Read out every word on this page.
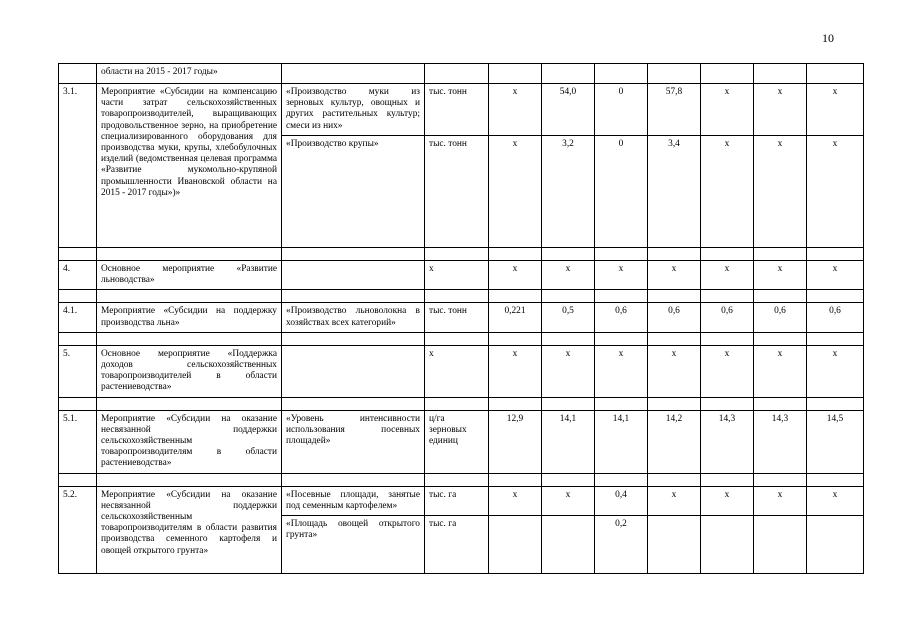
10
	области на 2015 - 2017 годы»									
3.1.	Мероприятие «Субсидии на компенсацию части затрат сельскохозяйственных товаропроизводителей, выращивающих продовольственное зерно, на приобретение специализированного оборудования для производства муки, крупы, хлебобулочных изделий (ведомственная целевая программа «Развитие мукомольно-крупяной промышленности Ивановской области на 2015 - 2017 годы»)»	«Производство муки из зерновых культур, овощных и других растительных культур; смеси из них»	тыс. тонн	x	54,0	0	57,8	x	x	x
		«Производство крупы»	тыс. тонн	x	3,2	0	3,4	x	x	x

4.	Основное мероприятие «Развитие льноводства»		x	x	x	x	x	x	x	x

4.1.	Мероприятие «Субсидии на поддержку производства льна»	«Производство льноволокна в хозяйствах всех категорий»	тыс. тонн	0,221	0,5	0,6	0,6	0,6	0,6	0,6

5.	Основное мероприятие «Поддержка доходов сельскохозяйственных товаропроизводителей в области растениеводства»		x	x	x	x	x	x	x	x

5.1.	Мероприятие «Субсидии на оказание несвязанной поддержки сельскохозяйственным товаропроизводителям в области растениеводства»	«Уровень интенсивности использования посевных площадей»	ц/га зерновых единиц	12,9	14,1	14,1	14,2	14,3	14,3	14,5

5.2.	Мероприятие «Субсидии на оказание несвязанной поддержки сельскохозяйственным товаропроизводителям в области развития производства семенного картофеля и овощей открытого грунта»	«Посевные площади, занятые под семенным картофелем»	тыс. га	x	x	0,4	x	x	x	x
		«Площадь овощей открытого грунта»	тыс. га			0,2				
